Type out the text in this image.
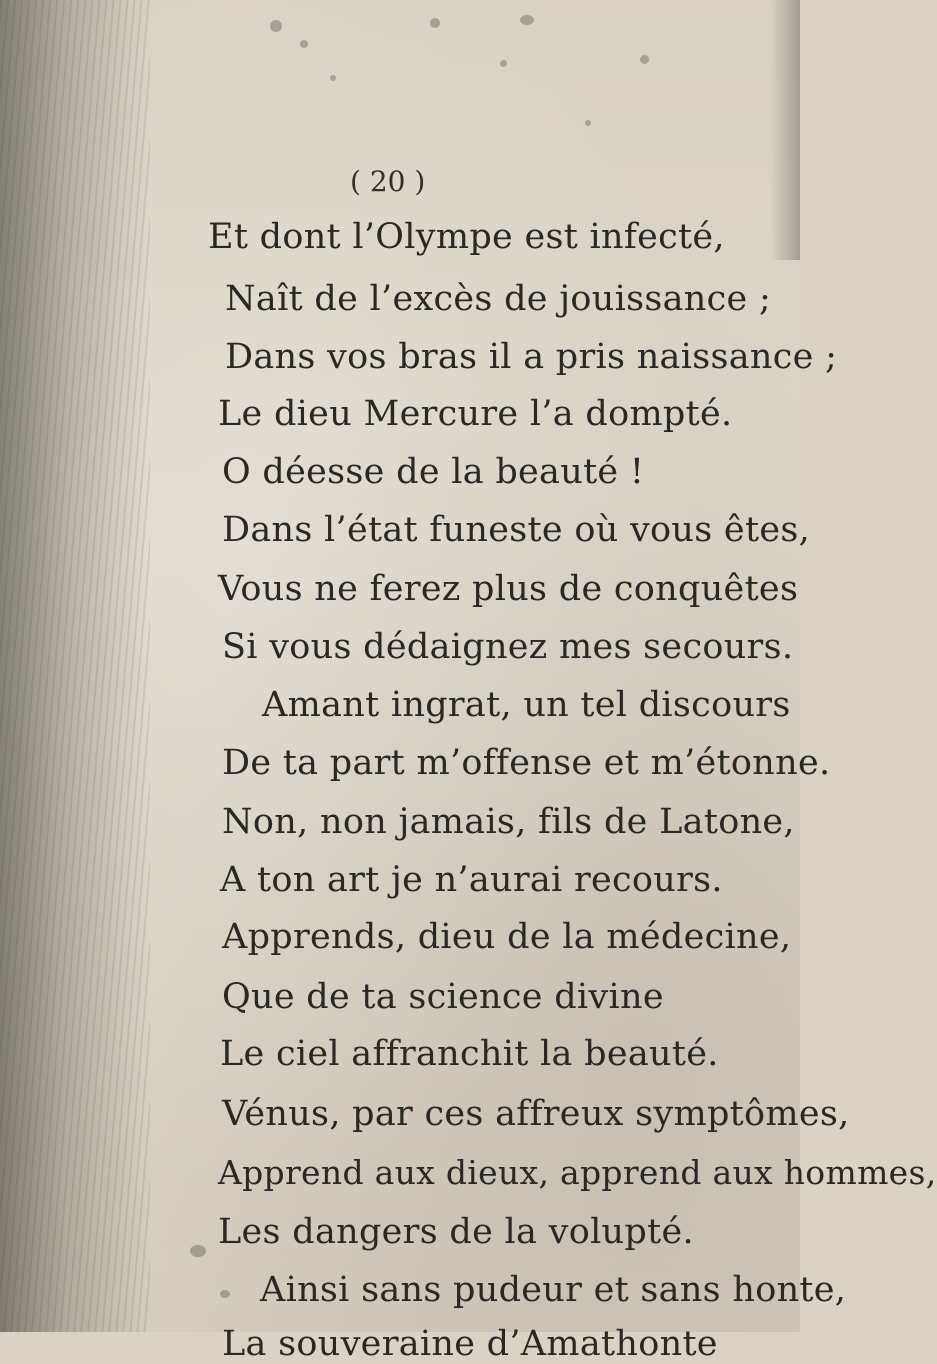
( 20 )
Et dont l’Olympe est infecté,
Naît de l’excès de jouissance ;
Dans vos bras il a pris naissance ;
Le dieu Mercure l’a dompté.
O déesse de la beauté !
Dans l’état funeste où vous êtes,
Vous ne ferez plus de conquêtes
Si vous dédaignez mes secours.
Amant ingrat, un tel discours
De ta part m’offense et m’étonne.
Non, non jamais, fils de Latone,
A ton art je n’aurai recours.
Apprends, dieu de la médecine,
Que de ta science divine
Le ciel affranchit la beauté.
Vénus, par ces affreux symptômes,
Apprend aux dieux, apprend aux hommes,
Les dangers de la volupté.
Ainsi sans pudeur et sans honte,
La souveraine d’Amathonte
